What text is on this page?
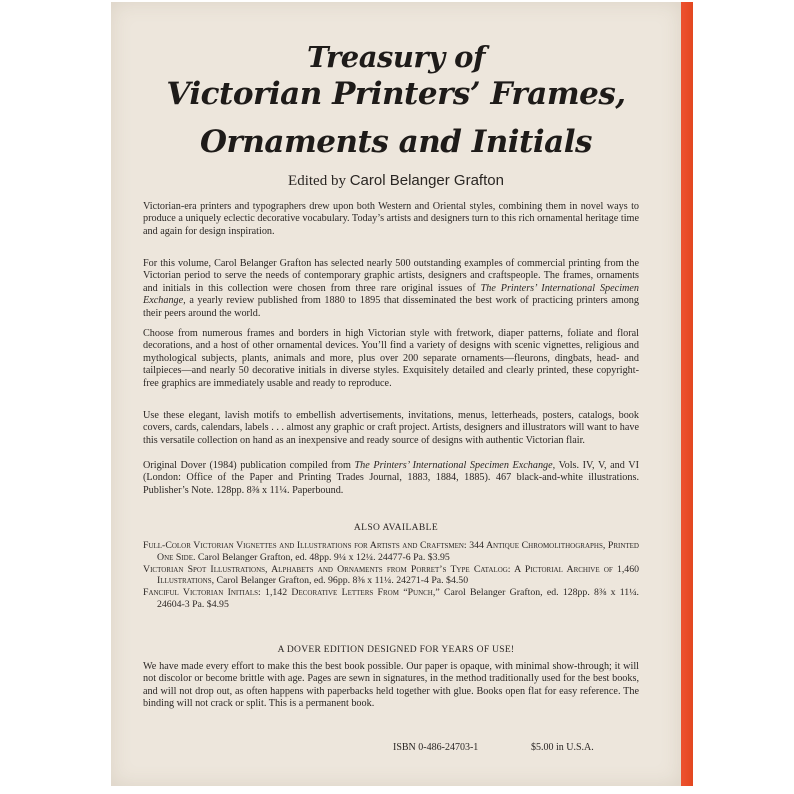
Treasury of
Victorian Printers’ Frames,
Ornaments and Initials

Edited by Carol Belanger Grafton

Victorian-era printers and typographers drew upon both Western and Oriental styles, combining them in novel ways to produce a uniquely eclectic decorative vocabulary. Today’s artists and designers turn to this rich ornamental heritage time and again for design inspiration.

For this volume, Carol Belanger Grafton has selected nearly 500 outstanding examples of commercial printing from the Victorian period to serve the needs of contemporary graphic artists, designers and craftspeople. The frames, ornaments and initials in this collection were chosen from three rare original issues of The Printers’ International Specimen Exchange, a yearly review published from 1880 to 1895 that disseminated the best work of practicing printers among their peers around the world.

Choose from numerous frames and borders in high Victorian style with fretwork, diaper patterns, foliate and floral decorations, and a host of other ornamental devices. You’ll find a variety of designs with scenic vignettes, religious and mythological subjects, plants, animals and more, plus over 200 separate ornaments—fleurons, dingbats, head- and tailpieces—and nearly 50 decorative initials in diverse styles. Exquisitely detailed and clearly printed, these copyright-free graphics are immediately usable and ready to reproduce.

Use these elegant, lavish motifs to embellish advertisements, invitations, menus, letterheads, posters, catalogs, book covers, cards, calendars, labels . . . almost any graphic or craft project. Artists, designers and illustrators will want to have this versatile collection on hand as an inexpensive and ready source of designs with authentic Victorian flair.

Original Dover (1984) publication compiled from The Printers’ International Specimen Exchange, Vols. IV, V, and VI (London: Office of the Paper and Printing Trades Journal, 1883, 1884, 1885). 467 black-and-white illustrations. Publisher’s Note. 128pp. 8⅜ x 11¼. Paperbound.

ALSO AVAILABLE

Full-Color Victorian Vignettes and Illustrations for Artists and Craftsmen: 344 Antique Chromolithographs, Printed One Side. Carol Belanger Grafton, ed. 48pp. 9¼ x 12¼. 24477-6 Pa. $3.95
Victorian Spot Illustrations, Alphabets and Ornaments from Porret’s Type Catalog: A Pictorial Archive of 1,460 Illustrations, Carol Belanger Grafton, ed. 96pp. 8⅜ x 11¼. 24271-4 Pa. $4.50
Fanciful Victorian Initials: 1,142 Decorative Letters From “Punch,” Carol Belanger Grafton, ed. 128pp. 8⅜ x 11¼. 24604-3 Pa. $4.95

A DOVER EDITION DESIGNED FOR YEARS OF USE!

We have made every effort to make this the best book possible. Our paper is opaque, with minimal show-through; it will not discolor or become brittle with age. Pages are sewn in signatures, in the method traditionally used for the best books, and will not drop out, as often happens with paperbacks held together with glue. Books open flat for easy reference. The binding will not crack or split. This is a permanent book.

ISBN 0-486-24703-1	$5.00 in U.S.A.
